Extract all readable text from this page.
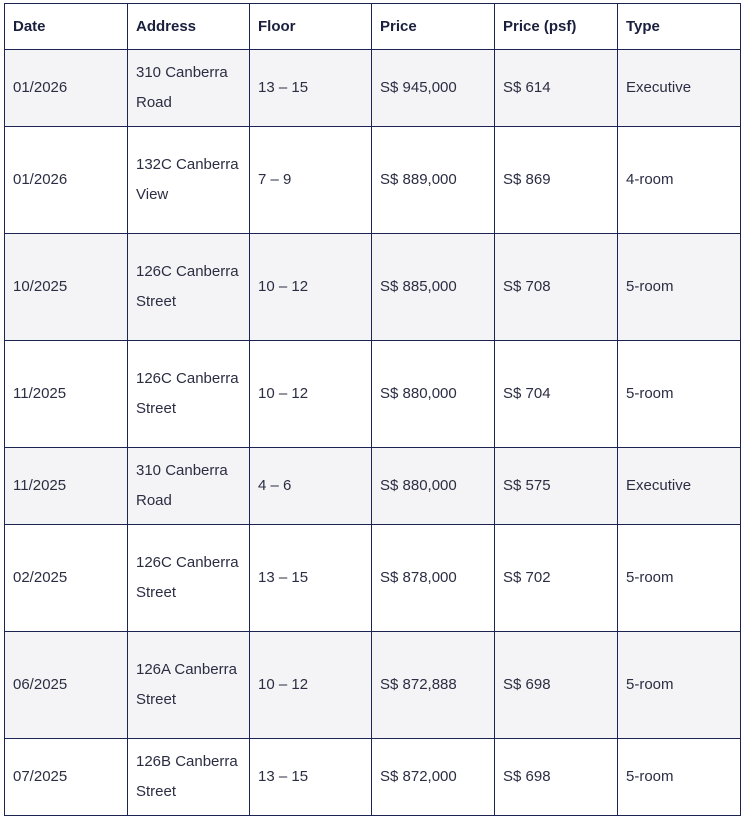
Date	Address	Floor	Price	Price (psf)	Type
01/2026	310 Canberra Road	13 – 15	S$ 945,000	S$ 614	Executive
01/2026	132C Canberra View	7 – 9	S$ 889,000	S$ 869	4-room
10/2025	126C Canberra Street	10 – 12	S$ 885,000	S$ 708	5-room
11/2025	126C Canberra Street	10 – 12	S$ 880,000	S$ 704	5-room
11/2025	310 Canberra Road	4 – 6	S$ 880,000	S$ 575	Executive
02/2025	126C Canberra Street	13 – 15	S$ 878,000	S$ 702	5-room
06/2025	126A Canberra Street	10 – 12	S$ 872,888	S$ 698	5-room
07/2025	126B Canberra Street	13 – 15	S$ 872,000	S$ 698	5-room
